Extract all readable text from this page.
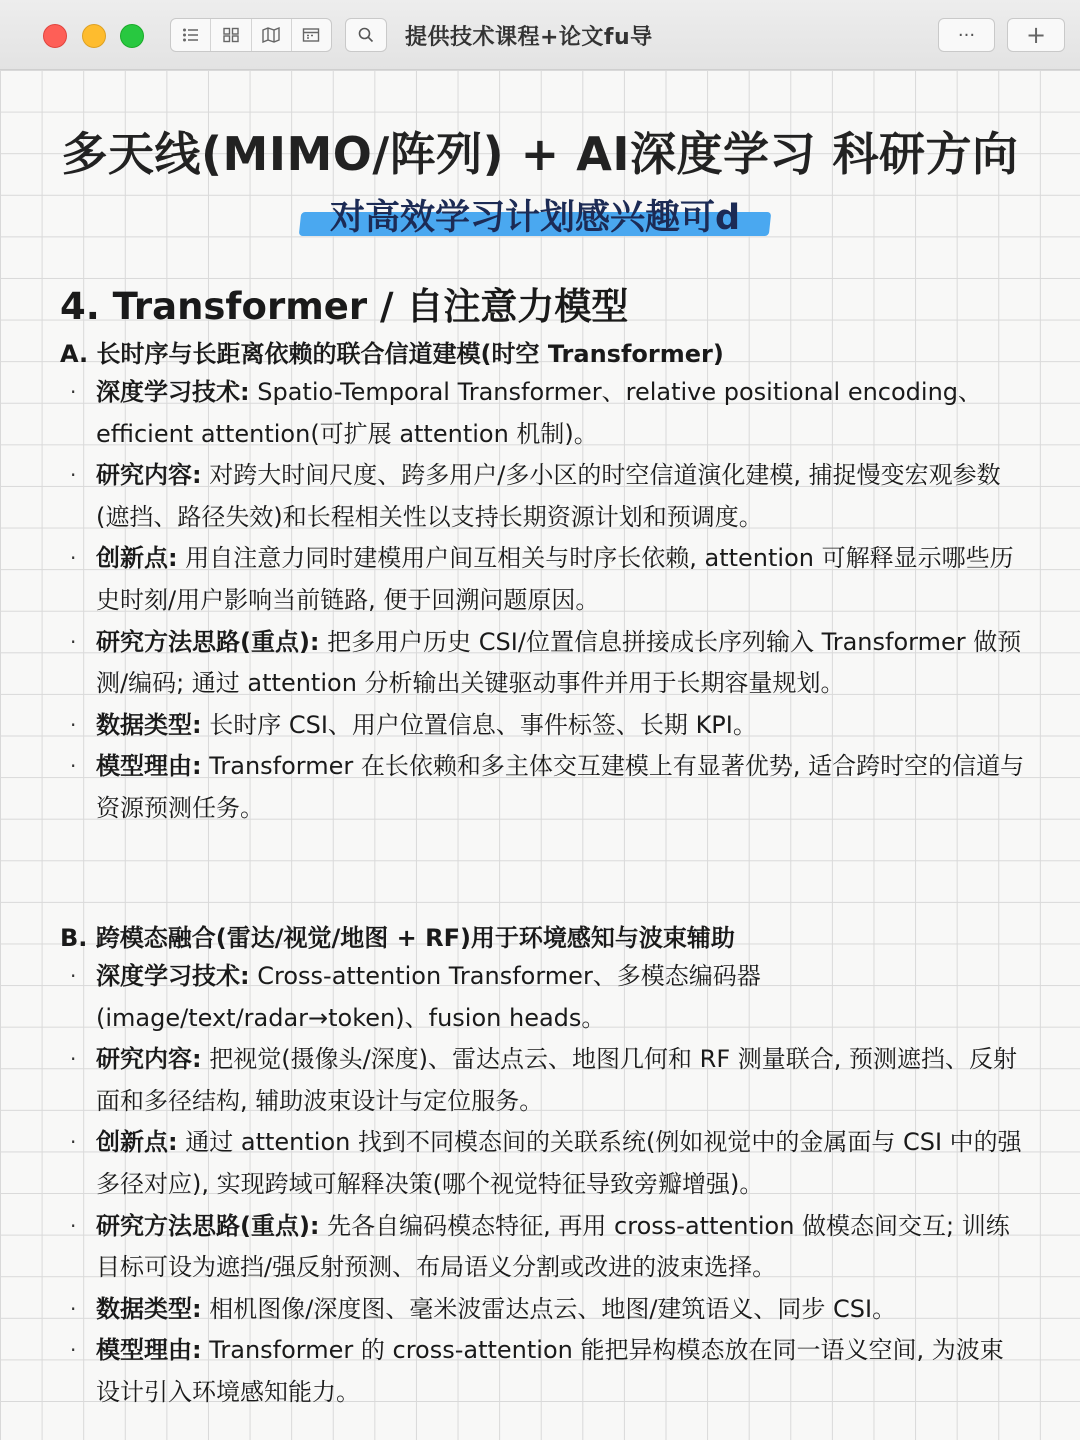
提供技术课程+论文fu导	···	+
多天线(MIMO/阵列) + AI深度学习 科研方向
对高效学习计划感兴趣可d
4. Transformer / 自注意力模型
A. 长时序与长距离依赖的联合信道建模(时空 Transformer)
· 深度学习技术: Spatio-Temporal Transformer、relative positional encoding、efficient attention(可扩展 attention 机制)。
· 研究内容: 对跨大时间尺度、跨多用户/多小区的时空信道演化建模, 捕捉慢变宏观参数(遮挡、路径失效)和长程相关性以支持长期资源计划和预调度。
· 创新点: 用自注意力同时建模用户间互相关与时序长依赖, attention 可解释显示哪些历史时刻/用户影响当前链路, 便于回溯问题原因。
· 研究方法思路(重点): 把多用户历史 CSI/位置信息拼接成长序列输入 Transformer 做预测/编码; 通过 attention 分析输出关键驱动事件并用于长期容量规划。
· 数据类型: 长时序 CSI、用户位置信息、事件标签、长期 KPI。
· 模型理由: Transformer 在长依赖和多主体交互建模上有显著优势, 适合跨时空的信道与资源预测任务。
B. 跨模态融合(雷达/视觉/地图 + RF)用于环境感知与波束辅助
· 深度学习技术: Cross-attention Transformer、多模态编码器(image/text/radar→token)、fusion heads。
· 研究内容: 把视觉(摄像头/深度)、雷达点云、地图几何和 RF 测量联合, 预测遮挡、反射面和多径结构, 辅助波束设计与定位服务。
· 创新点: 通过 attention 找到不同模态间的关联系统(例如视觉中的金属面与 CSI 中的强多径对应), 实现跨域可解释决策(哪个视觉特征导致旁瓣增强)。
· 研究方法思路(重点): 先各自编码模态特征, 再用 cross-attention 做模态间交互; 训练目标可设为遮挡/强反射预测、布局语义分割或改进的波束选择。
· 数据类型: 相机图像/深度图、毫米波雷达点云、地图/建筑语义、同步 CSI。
· 模型理由: Transformer 的 cross-attention 能把异构模态放在同一语义空间, 为波束设计引入环境感知能力。
